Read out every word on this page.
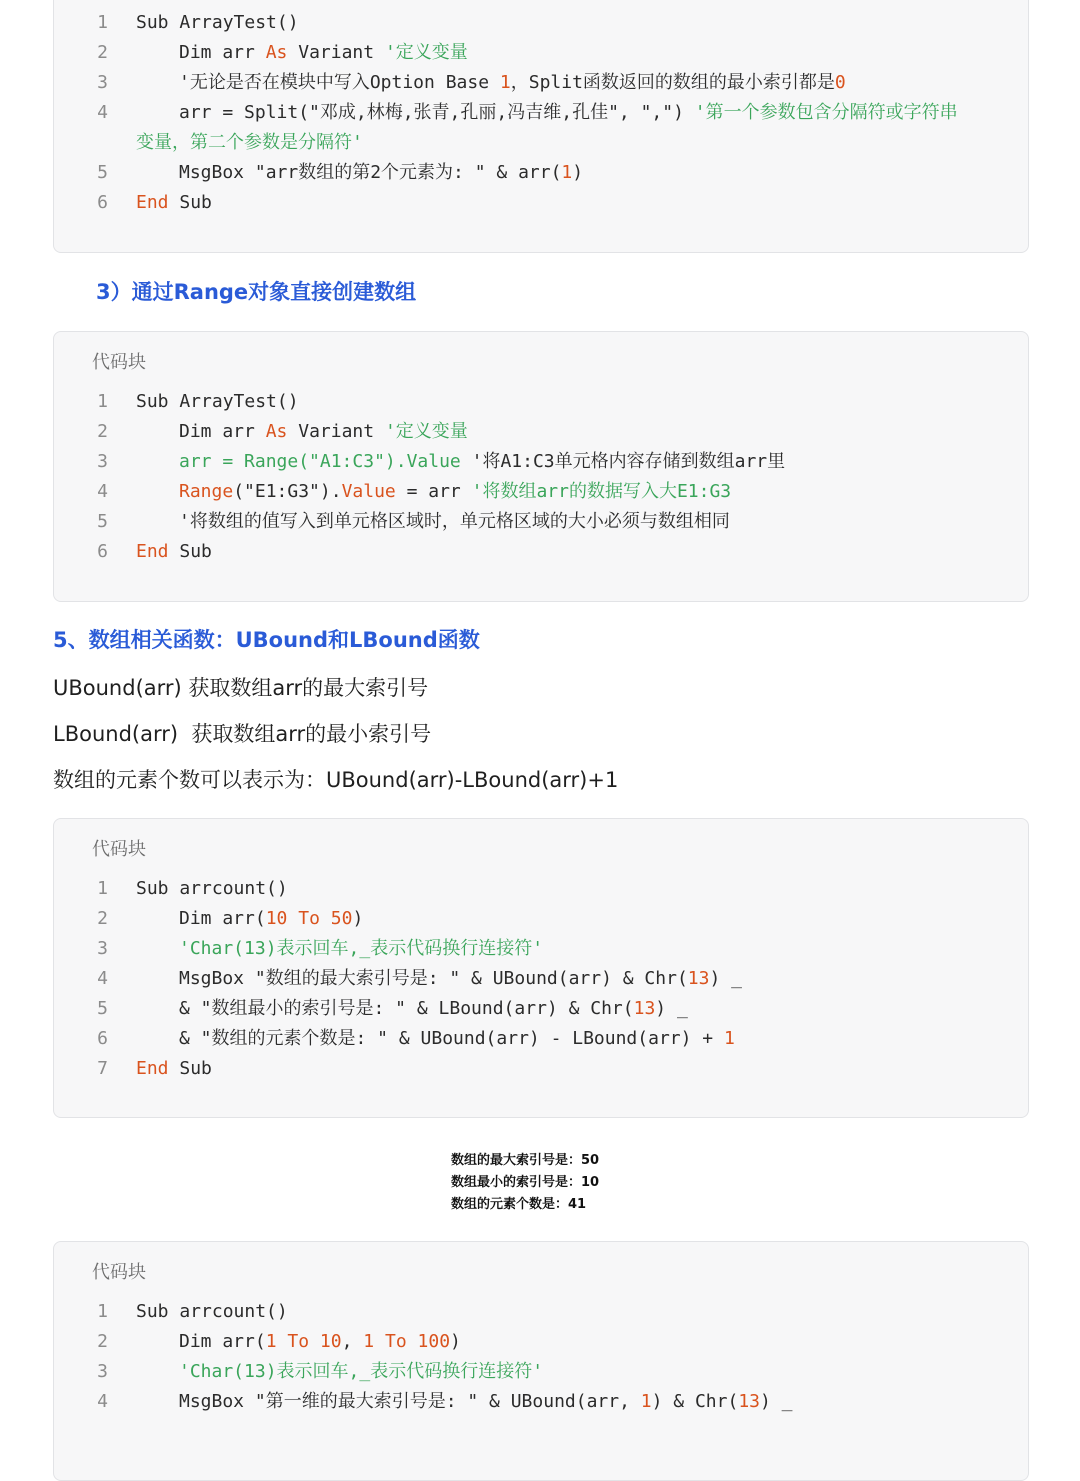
1 Sub ArrayTest()
2	Dim arr As Variant '定义变量
3	'无论是否在模块中写入Option Base 1，Split函数返回的数组的最小索引都是0
4	arr = Split("邓成,林梅,张青,孔丽,冯吉维,孔佳", ",") '第一个参数包含分隔符或字符串
5	MsgBox "arr数组的第2个元素为: " & arr(1)
6 End Sub
变量，第二个参数是分隔符'
3）通过Range对象直接创建数组
代码块
1 Sub ArrayTest()
2	Dim arr As Variant '定义变量
3	arr = Range("A1:C3").Value '将A1:C3单元格内容存储到数组arr里
4	Range("E1:G3").Value = arr '将数组arr的数据写入大E1:G3
5	'将数组的值写入到单元格区域时，单元格区域的大小必须与数组相同
6 End Sub
5、数组相关函数：UBound和LBound函数
UBound(arr) 获取数组arr的最大索引号
LBound(arr)  获取数组arr的最小索引号
数组的元素个数可以表示为：UBound(arr)-LBound(arr)+1
代码块
1 Sub arrcount()
2	Dim arr(10 To 50)
3	'Char(13)表示回车,_表示代码换行连接符'
4	MsgBox "数组的最大索引号是: " & UBound(arr) & Chr(13) _
5	& "数组最小的索引号是: " & LBound(arr) & Chr(13) _
6	& "数组的元素个数是: " & UBound(arr) - LBound(arr) + 1
7 End Sub
数组的最大索引号是：50
数组最小的索引号是：10
数组的元素个数是：41
代码块
1 Sub arrcount()
2	Dim arr(1 To 10, 1 To 100)
3	'Char(13)表示回车,_表示代码换行连接符'
4	MsgBox "第一维的最大索引号是: " & UBound(arr, 1) & Chr(13) _
